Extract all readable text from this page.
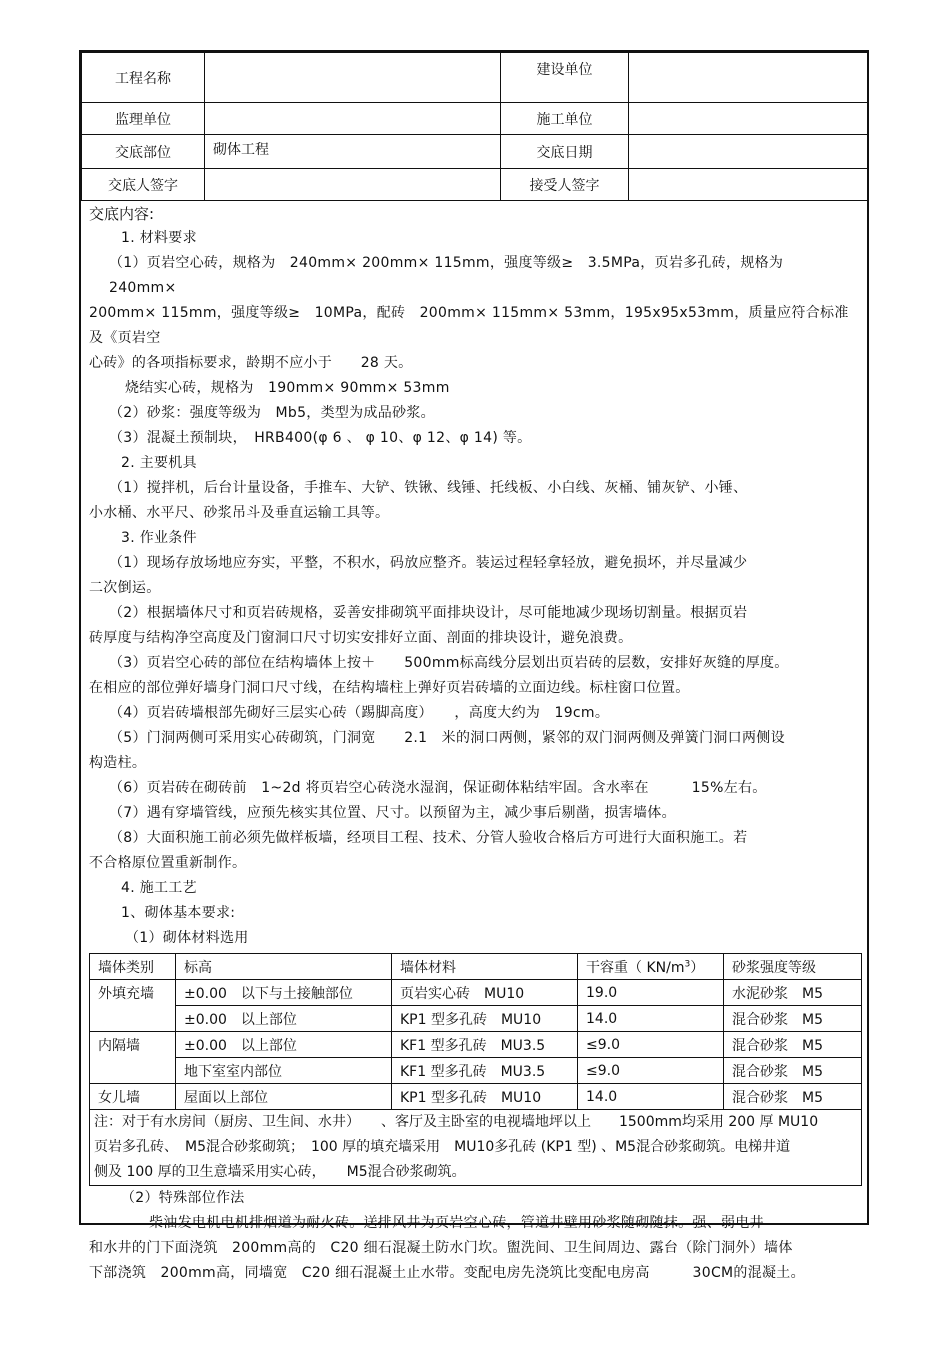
工程名称		建设单位	
监理单位		施工单位	
交底部位	砌体工程	交底日期	
交底人签字		接受人签字	
交底内容:
1. 材料要求
（1）页岩空心砖，规格为　240mm× 200mm× 115mm，强度等级≥　3.5MPa，页岩多孔砖，规格为　240mm×
200mm× 115mm，强度等级≥　10MPa，配砖　200mm× 115mm× 53mm，195x95x53mm，质量应符合标准及《页岩空
心砖》的各项指标要求，龄期不应小于　　28 天。
烧结实心砖，规格为　190mm× 90mm× 53mm
（2）砂浆：强度等级为　Mb5，类型为成品砂浆。
（3）混凝土预制块，　HRB400(φ 6 、 φ 10、φ 12、φ 14) 等。
2. 主要机具
（1）搅拌机，后台计量设备，手推车、大铲、铁锹、线锤、托线板、小白线、灰桶、铺灰铲、小锤、
小水桶、水平尺、砂浆吊斗及垂直运输工具等。
3. 作业条件
（1）现场存放场地应夯实，平整，不积水，码放应整齐。装运过程轻拿轻放，避免损坏，并尽量减少
二次倒运。
（2）根据墙体尺寸和页岩砖规格，妥善安排砌筑平面排块设计，尽可能地减少现场切割量。根据页岩
砖厚度与结构净空高度及门窗洞口尺寸切实安排好立面、剖面的排块设计，避免浪费。
（3）页岩空心砖的部位在结构墙体上按＋　　500mm标高线分层划出页岩砖的层数，安排好灰缝的厚度。
在相应的部位弹好墙身门洞口尺寸线，在结构墙柱上弹好页岩砖墙的立面边线。标柱窗口位置。
（4）页岩砖墙根部先砌好三层实心砖（踢脚高度）　　，高度大约为　19cm。
（5）门洞两侧可采用实心砖砌筑，门洞宽　　2.1　米的洞口两侧，紧邻的双门洞两侧及弹簧门洞口两侧设
构造柱。
（6）页岩砖在砌砖前　1~2d 将页岩空心砖浇水湿润，保证砌体粘结牢固。含水率在　　　15%左右。
（7）遇有穿墙管线，应预先核实其位置、尺寸。以预留为主，减少事后剔凿，损害墙体。
（8）大面积施工前必须先做样板墙，经项目工程、技术、分管人验收合格后方可进行大面积施工。若
不合格原位置重新制作。
4. 施工工艺
1、砌体基本要求:
（1）砌体材料选用
墙体类别	标高	墙体材料	干容重（ $KN/m^3$）	砂浆强度等级
外填充墙	±0.00　以下与土接触部位	页岩实心砖　MU10	19.0	水泥砂浆　M5
	±0.00　以上部位	KP1 型多孔砖　MU10	14.0	混合砂浆　M5
内隔墙	±0.00　以上部位	KF1 型多孔砖　MU3.5	≤9.0	混合砂浆　M5
	地下室室内部位	KF1 型多孔砖　MU3.5	≤9.0	混合砂浆　M5
女儿墙	屋面以上部位	KP1 型多孔砖　MU10	14.0	混合砂浆　M5

注：对于有水房间（厨房、卫生间、水井）　　、客厅及主卧室的电视墙地坪以上　　1500mm均采用 200 厚 MU10
页岩多孔砖、　M5混合砂浆砌筑；　100 厚的填充墙采用　MU10多孔砖 (KP1 型) 、M5混合砂浆砌筑。电梯井道
侧及 100 厚的卫生意墙采用实心砖，　　M5混合砂浆砌筑。				
（2）特殊部位作法
柴油发电机电机排烟道为耐火砖。送排风井为页岩空心砖，管道井壁用砂浆随砌随抹。强、弱电井
和水井的门下面浇筑　200mm高的　C20 细石混凝土防水门坎。盥洗间、卫生间周边、露台（除门洞外）墙体
下部浇筑　200mm高，同墙宽　C20 细石混凝土止水带。变配电房先浇筑比变配电房高　　　30CM的混凝土。
